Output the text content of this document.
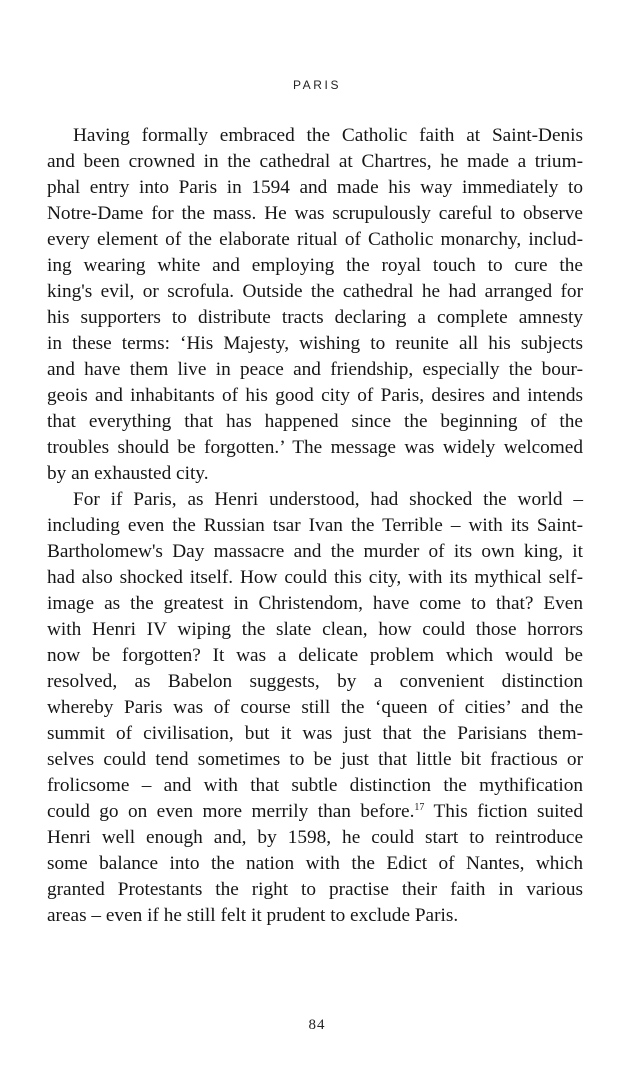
PARIS
Having formally embraced the Catholic faith at Saint-Denis
and been crowned in the cathedral at Chartres, he made a trium-
phal entry into Paris in 1594 and made his way immediately to
Notre-Dame for the mass. He was scrupulously careful to observe
every element of the elaborate ritual of Catholic monarchy, includ-
ing wearing white and employing the royal touch to cure the
king's evil, or scrofula. Outside the cathedral he had arranged for
his supporters to distribute tracts declaring a complete amnesty
in these terms: ‘His Majesty, wishing to reunite all his subjects
and have them live in peace and friendship, especially the bour-
geois and inhabitants of his good city of Paris, desires and intends
that everything that has happened since the beginning of the
troubles should be forgotten.’ The message was widely welcomed
by an exhausted city.
For if Paris, as Henri understood, had shocked the world –
including even the Russian tsar Ivan the Terrible – with its Saint-
Bartholomew's Day massacre and the murder of its own king, it
had also shocked itself. How could this city, with its mythical self-
image as the greatest in Christendom, have come to that? Even
with Henri IV wiping the slate clean, how could those horrors
now be forgotten? It was a delicate problem which would be
resolved, as Babelon suggests, by a convenient distinction
whereby Paris was of course still the ‘queen of cities’ and the
summit of civilisation, but it was just that the Parisians them-
selves could tend sometimes to be just that little bit fractious or
frolicsome – and with that subtle distinction the mythification
could go on even more merrily than before.$^{17}$ This fiction suited
Henri well enough and, by 1598, he could start to reintroduce
some balance into the nation with the Edict of Nantes, which
granted Protestants the right to practise their faith in various
areas – even if he still felt it prudent to exclude Paris.
84
